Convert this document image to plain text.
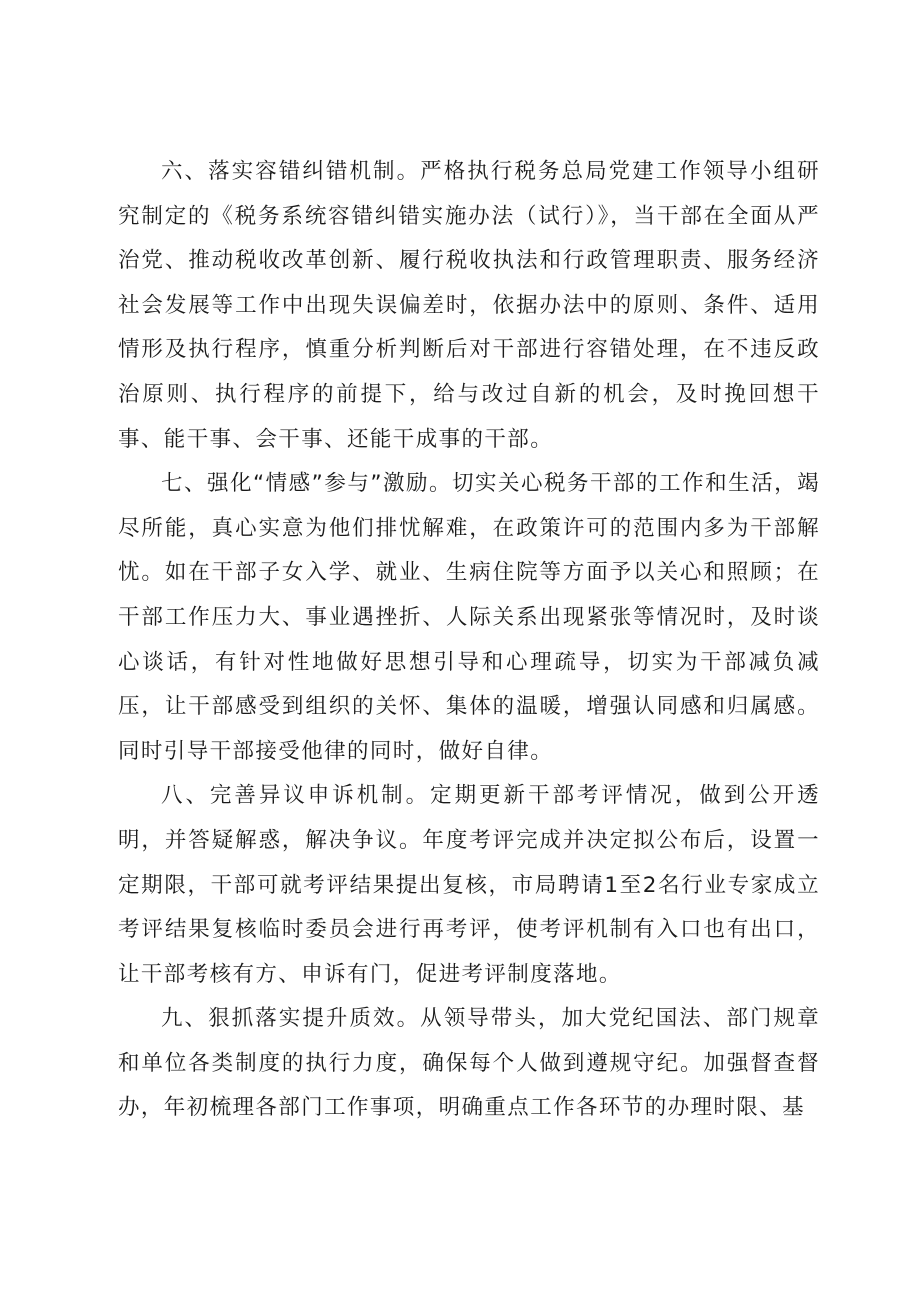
六、落实容错纠错机制。严格执行税务总局党建工作领导小组研究制定的《税务系统容错纠错实施办法（试行）》，当干部在全面从严治党、推动税收改革创新、履行税收执法和行政管理职责、服务经济社会发展等工作中出现失误偏差时，依据办法中的原则、条件、适用情形及执行程序，慎重分析判断后对干部进行容错处理，在不违反政治原则、执行程序的前提下，给与改过自新的机会，及时挽回想干事、能干事、会干事、还能干成事的干部。

七、强化“情感”参与”激励。切实关心税务干部的工作和生活，竭尽所能，真心实意为他们排忧解难，在政策许可的范围内多为干部解忧。如在干部子女入学、就业、生病住院等方面予以关心和照顾；在干部工作压力大、事业遇挫折、人际关系出现紧张等情况时，及时谈心谈话，有针对性地做好思想引导和心理疏导，切实为干部减负减压，让干部感受到组织的关怀、集体的温暖，增强认同感和归属感。同时引导干部接受他律的同时，做好自律。

八、完善异议申诉机制。定期更新干部考评情况，做到公开透明，并答疑解惑，解决争议。年度考评完成并决定拟公布后，设置一定期限，干部可就考评结果提出复核，市局聘请1至2名行业专家成立考评结果复核临时委员会进行再考评，使考评机制有入口也有出口，让干部考核有方、申诉有门，促进考评制度落地。

九、狠抓落实提升质效。从领导带头，加大党纪国法、部门规章和单位各类制度的执行力度，确保每个人做到遵规守纪。加强督查督办，年初梳理各部门工作事项，明确重点工作各环节的办理时限、基
